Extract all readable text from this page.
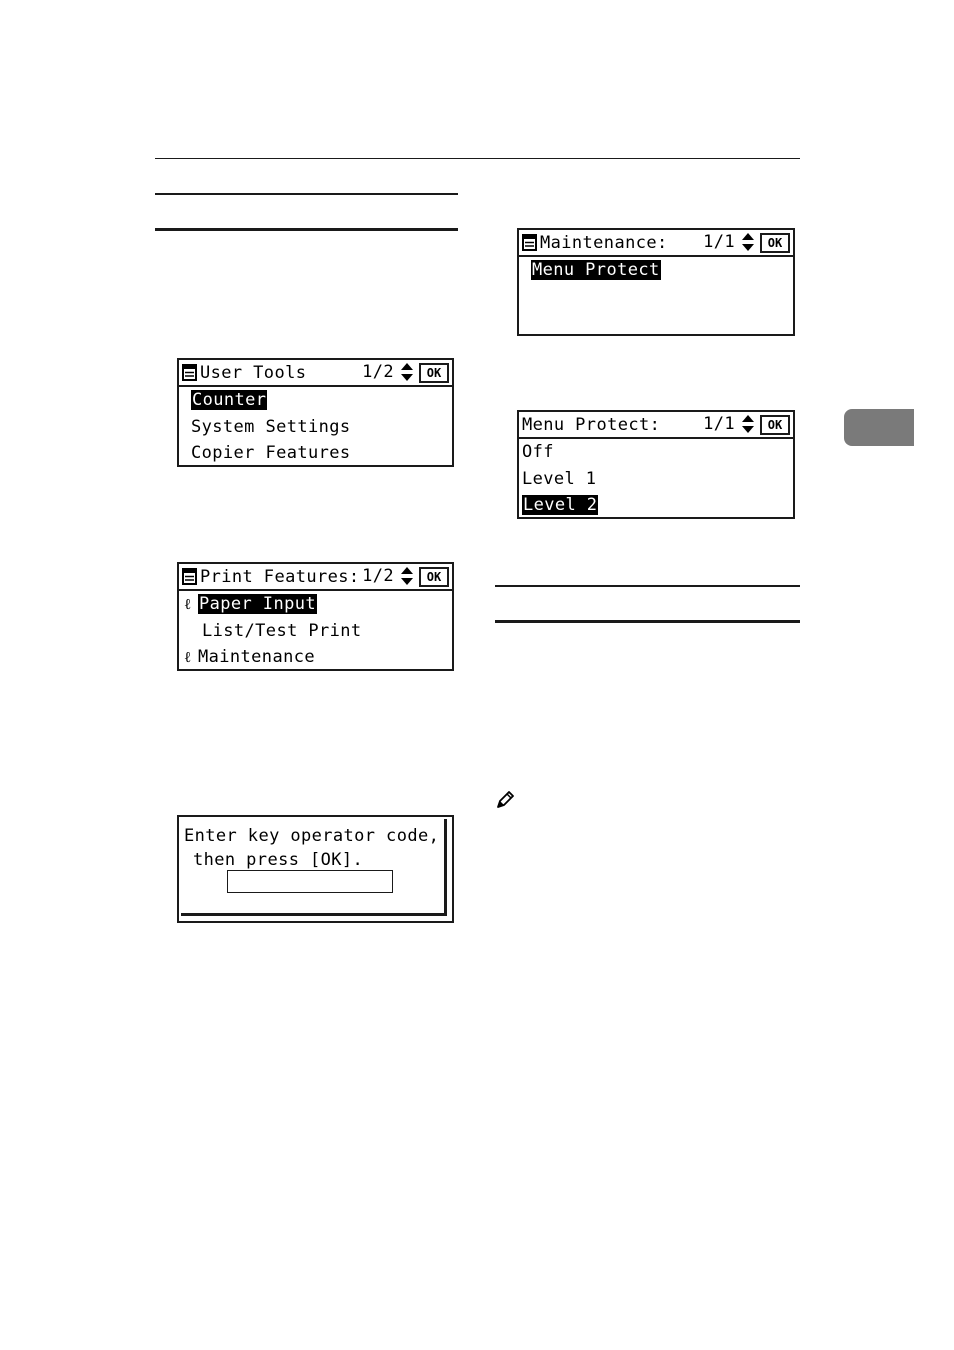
User Tools	1/2	OK
Counter
System Settings
Copier Features
Print Features: 1/2	OK
ℓ Paper Input
List/Test Print
ℓ Maintenance
Enter key operator code,
then press [OK].
Maintenance: 1/1	OK
Menu Protect
Menu Protect:	1/1	OK
Off
Level 1
Level 2
